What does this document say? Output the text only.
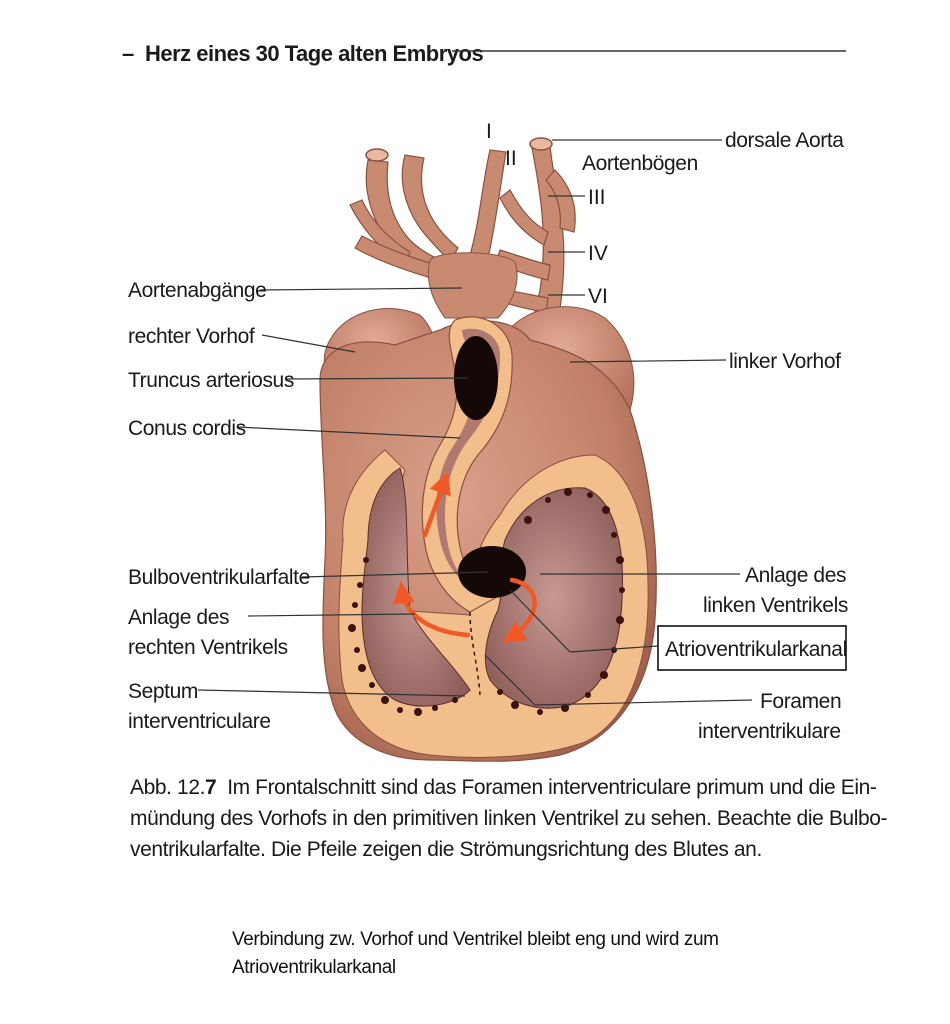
– Herz eines 30 Tage alten Embryos
I
II
dorsale Aorta
Aortenbögen
III
IV
VI
Aortenabgänge
rechter Vorhof
Truncus arteriosus
Conus cordis
linker Vorhof
Bulboventrikularfalte
Anlage des
rechten Ventrikels
Anlage des
linken Ventrikels
Atrioventrikularkanal
Septum
interventriculare
Foramen
interventrikulare
Abb. 12.7 Im Frontalschnitt sind das Foramen interventriculare primum und die Ein-
mündung des Vorhofs in den primitiven linken Ventrikel zu sehen. Beachte die Bulbo-
ventrikularfalte. Die Pfeile zeigen die Strömungsrichtung des Blutes an.
Verbindung zw. Vorhof und Ventrikel bleibt eng und wird zum
Atrioventrikularkanal
